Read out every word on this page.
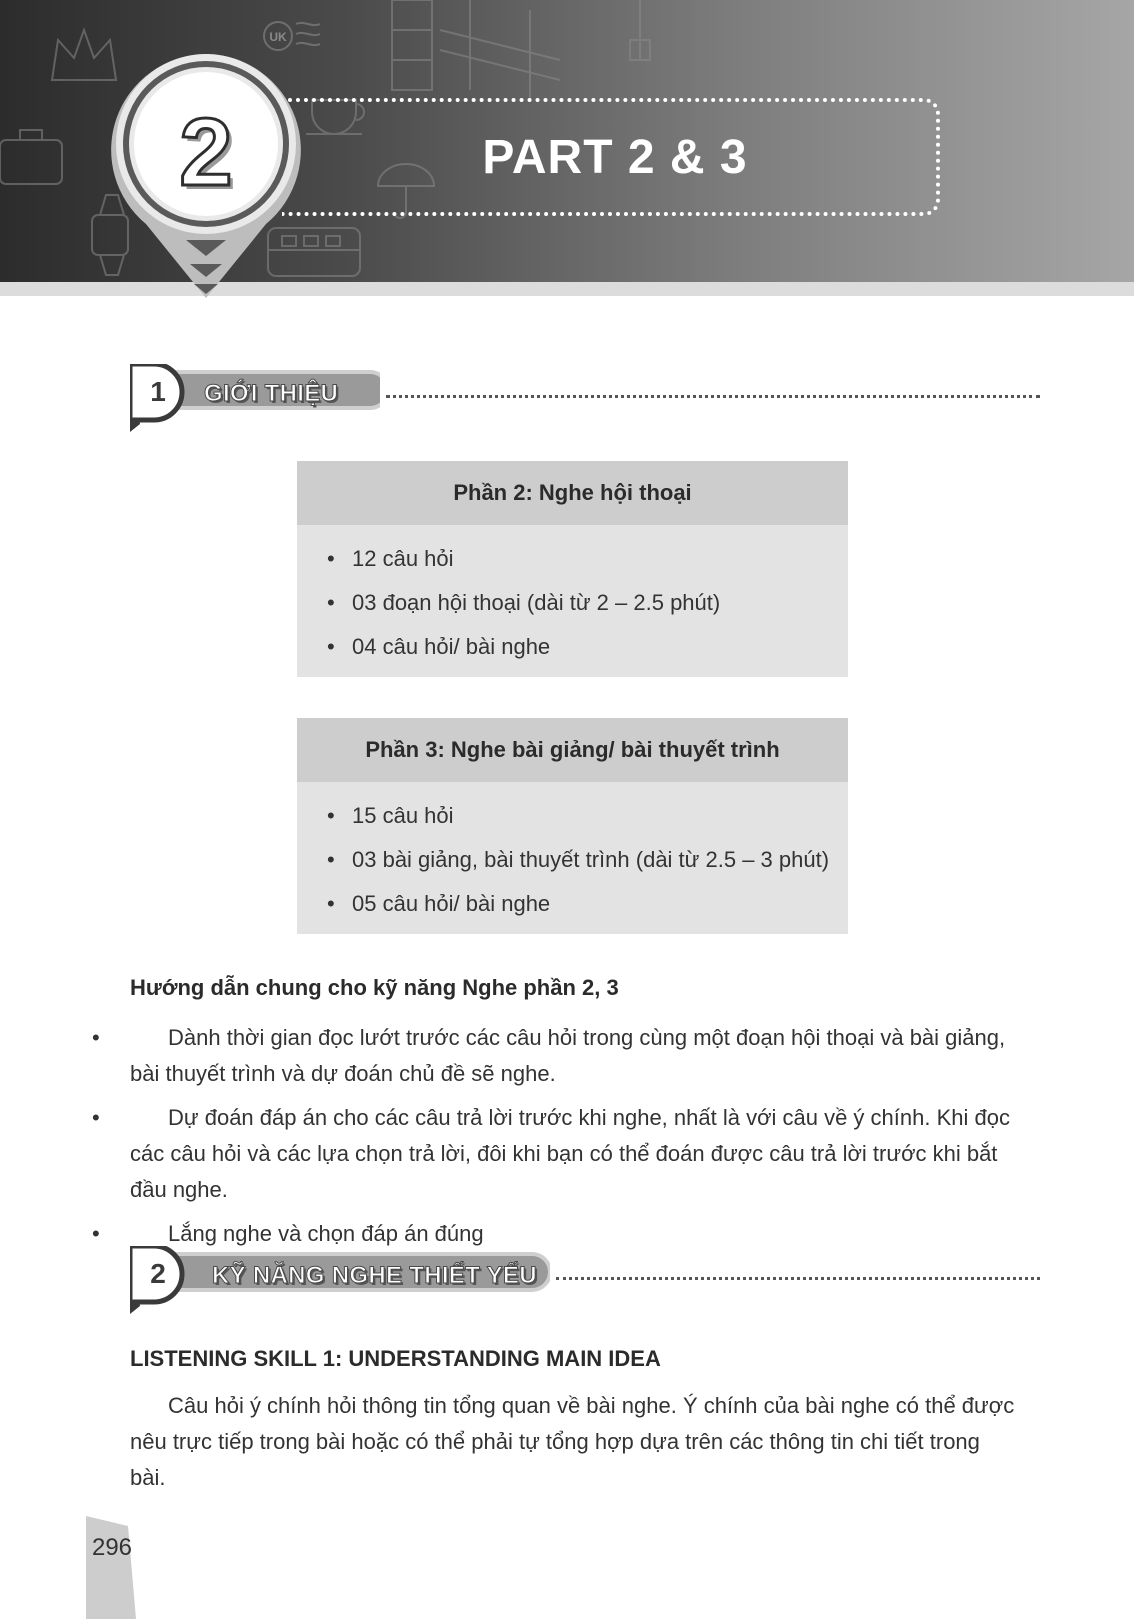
UK
PART 2 & 3
2
1	GIỚI THIỆU
Phần 2: Nghe hội thoại
• 12 câu hỏi
• 03 đoạn hội thoại (dài từ 2 – 2.5 phút)
• 04 câu hỏi/ bài nghe
Phần 3: Nghe bài giảng/ bài thuyết trình
• 15 câu hỏi
• 03 bài giảng, bài thuyết trình (dài từ 2.5 – 3 phút)
• 05 câu hỏi/ bài nghe
Hướng dẫn chung cho kỹ năng Nghe phần 2, 3
• Dành thời gian đọc lướt trước các câu hỏi trong cùng một đoạn hội thoại và bài giảng, bài thuyết trình và dự đoán chủ đề sẽ nghe.
• Dự đoán đáp án cho các câu trả lời trước khi nghe, nhất là với câu về ý chính. Khi đọc các câu hỏi và các lựa chọn trả lời, đôi khi bạn có thể đoán được câu trả lời trước khi bắt đầu nghe.
• Lắng nghe và chọn đáp án đúng
2	KỸ NĂNG NGHE THIẾT YẾU
LISTENING SKILL 1: UNDERSTANDING MAIN IDEA

Câu hỏi ý chính hỏi thông tin tổng quan về bài nghe. Ý chính của bài nghe có thể được nêu trực tiếp trong bài hoặc có thể phải tự tổng hợp dựa trên các thông tin chi tiết trong bài.

296
